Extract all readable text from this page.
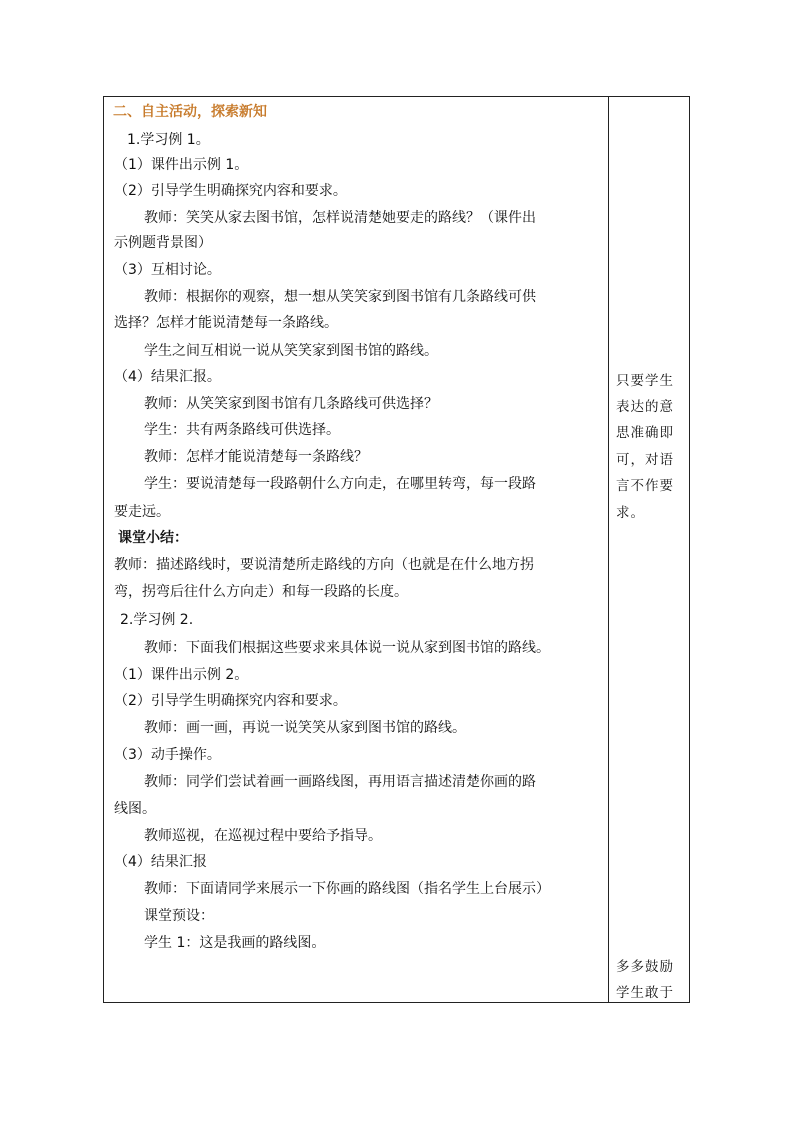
二、自主活动，探索新知
1.学习例 1。
（1）课件出示例 1。
（2）引导学生明确探究内容和要求。
教师：笑笑从家去图书馆，怎样说清楚她要走的路线？（课件出
示例题背景图）
（3）互相讨论。
教师：根据你的观察，想一想从笑笑家到图书馆有几条路线可供
选择？怎样才能说清楚每一条路线。
学生之间互相说一说从笑笑家到图书馆的路线。
（4）结果汇报。
教师：从笑笑家到图书馆有几条路线可供选择？
学生：共有两条路线可供选择。
教师：怎样才能说清楚每一条路线？
学生：要说清楚每一段路朝什么方向走，在哪里转弯，每一段路
要走远。
课堂小结：
教师：描述路线时，要说清楚所走路线的方向（也就是在什么地方拐
弯，拐弯后往什么方向走）和每一段路的长度。
2.学习例 2.
教师：下面我们根据这些要求来具体说一说从家到图书馆的路线。
（1）课件出示例 2。
（2）引导学生明确探究内容和要求。
教师：画一画，再说一说笑笑从家到图书馆的路线。
（3）动手操作。
教师：同学们尝试着画一画路线图，再用语言描述清楚你画的路
线图。
教师巡视，在巡视过程中要给予指导。
（4）结果汇报
教师：下面请同学来展示一下你画的路线图（指名学生上台展示）
课堂预设：
学生 1：这是我画的路线图。
只要学生
表达的意
思准确即
可，对语
言不作要
求。
多多鼓励
学生敢于
